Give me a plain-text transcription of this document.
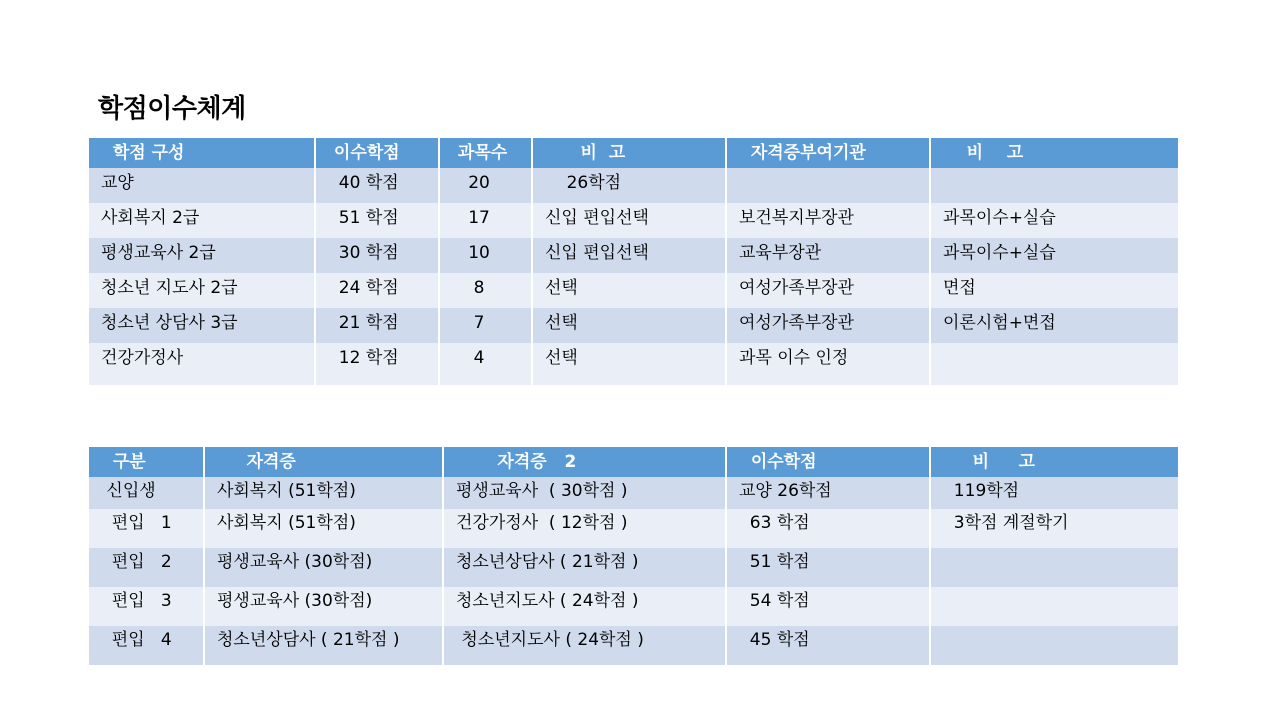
학점이수체계
학점 구성	이수학점	과목수	비  고	자격증부여기관	비    고
교양	40 학점	20	26학점		
사회복지 2급	51 학점	17	신입 편입선택	보건복지부장관	과목이수+실습
평생교육사 2급	30 학점	10	신입 편입선택	교육부장관	과목이수+실습
청소년 지도사 2급	24 학점	8	선택	여성가족부장관	면접
청소년 상담사 3급	21 학점	7	선택	여성가족부장관	이론시험+면접
건강가정사	12 학점	4	선택	과목 이수 인정	
구분	자격증	자격증   2	이수학점	비     고
신입생	사회복지 (51학점)	평생교육사  ( 30학점 )	교양 26학점	119학점
편입   1	사회복지 (51학점)	건강가정사  ( 12학점 )	63 학점	3학점 계절학기
편입   2	평생교육사 (30학점)	청소년상담사 ( 21학점 )	51 학점	
편입   3	평생교육사 (30학점)	청소년지도사 ( 24학점 )	54 학점	
편입   4	청소년상담사 ( 21학점 )	청소년지도사 ( 24학점 )	45 학점	
